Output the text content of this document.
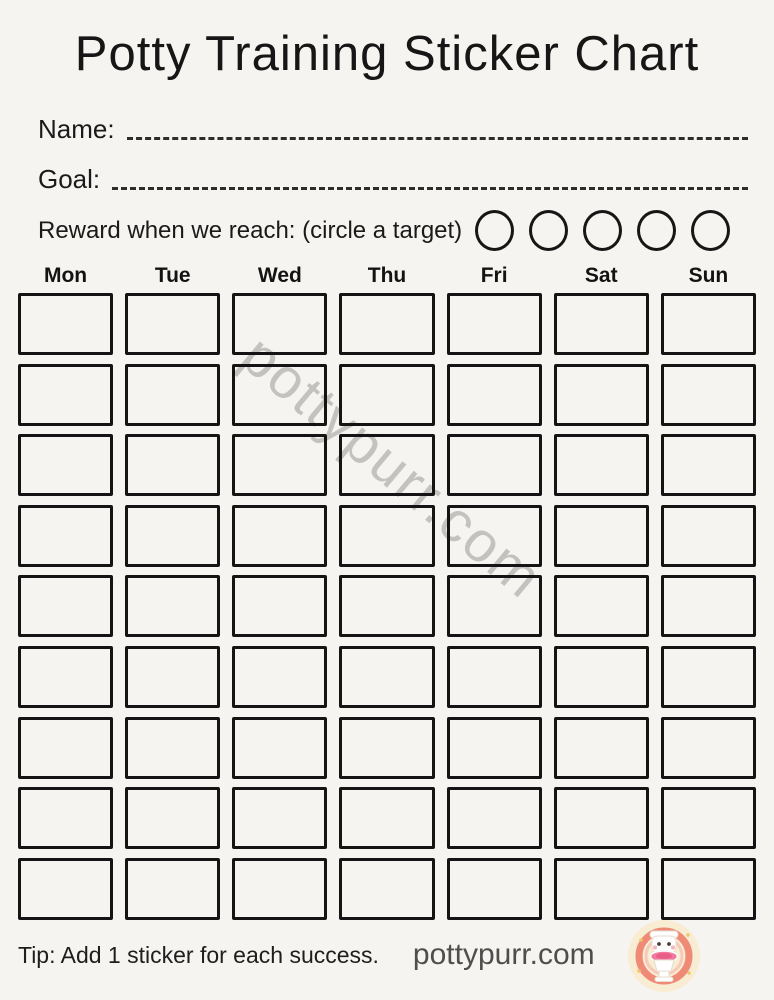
pottypurr.com
Potty Training Sticker Chart
Name:
Goal:
Reward when we reach: (circle a target)
Mon	Tue	Wed	Thu	Fri	Sat	Sun
Tip: Add 1 sticker for each success. pottypurr.com
